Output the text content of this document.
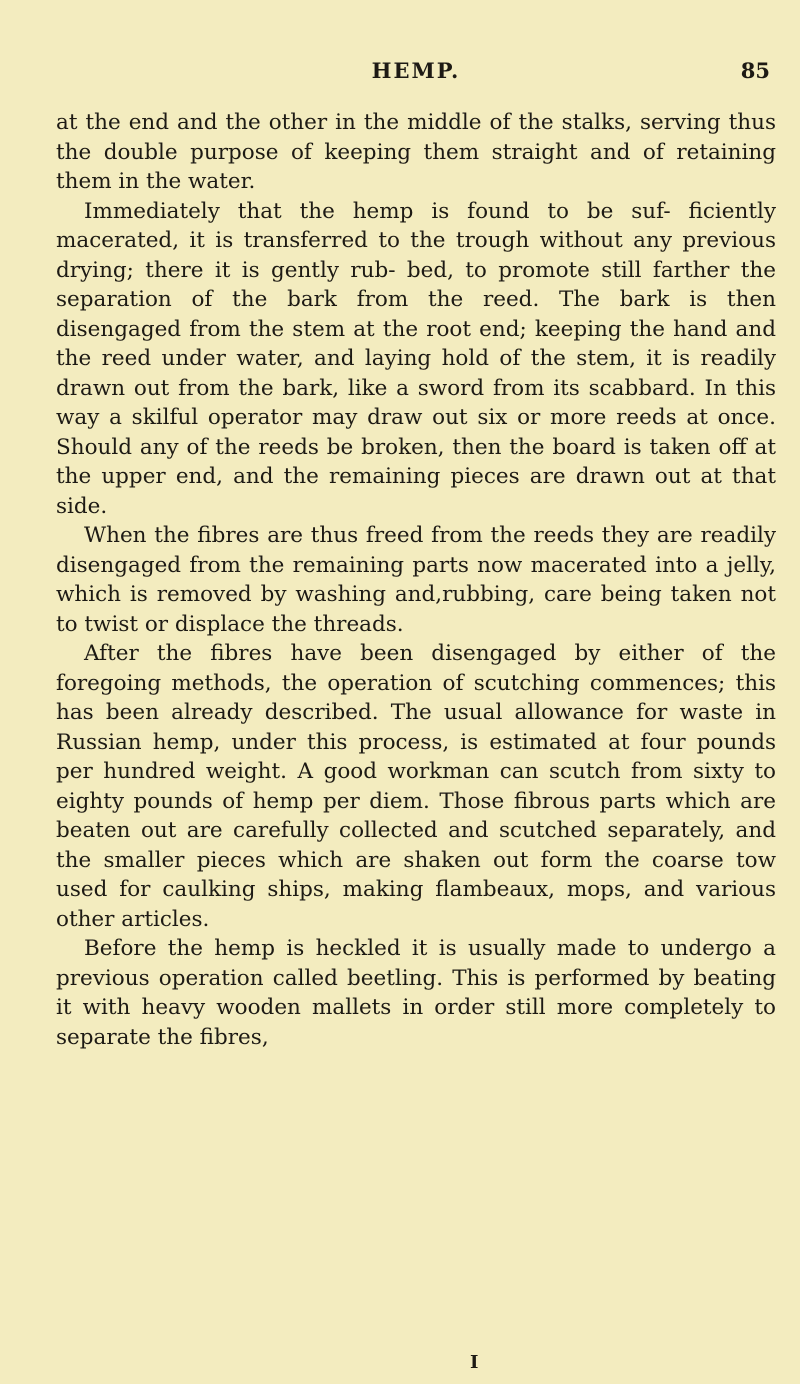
HEMP.	85

at the end and the other in the middle of the stalks, serving thus the double purpose of keeping them straight and of retaining them in the water.

Immediately that the hemp is found to be suf- ficiently macerated, it is transferred to the trough without any previous drying; there it is gently rub- bed, to promote still farther the separation of the bark from the reed. The bark is then disengaged from the stem at the root end; keeping the hand and the reed under water, and laying hold of the stem, it is readily drawn out from the bark, like a sword from its scabbard. In this way a skilful operator may draw out six or more reeds at once. Should any of the reeds be broken, then the board is taken off at the upper end, and the remaining pieces are drawn out at that side.

When the fibres are thus freed from the reeds they are readily disengaged from the remaining parts now macerated into a jelly, which is removed by washing and,rubbing, care being taken not to twist or displace the threads.

After the fibres have been disengaged by either of the foregoing methods, the operation of scutching commences; this has been already described. The usual allowance for waste in Russian hemp, under this process, is estimated at four pounds per hundred weight. A good workman can scutch from sixty to eighty pounds of hemp per diem. Those fibrous parts which are beaten out are carefully collected and scutched separately, and the smaller pieces which are shaken out form the coarse tow used for caulking ships, making flambeaux, mops, and various other articles.

Before the hemp is heckled it is usually made to undergo a previous operation called beetling. This is performed by beating it with heavy wooden mallets in order still more completely to separate the fibres,

I
